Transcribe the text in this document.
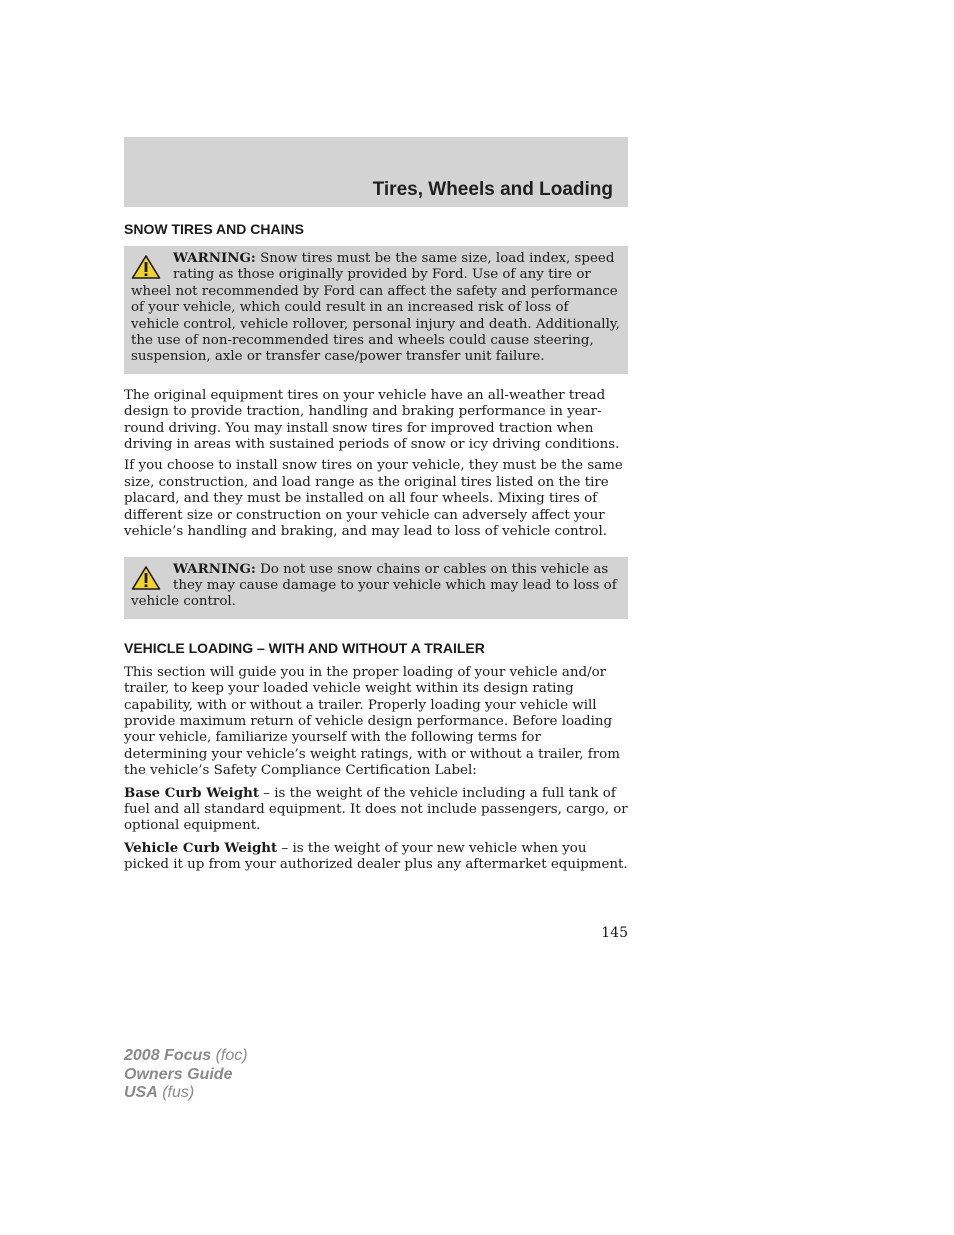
Tires, Wheels and Loading
SNOW TIRES AND CHAINS

WARNING: Snow tires must be the same size, load index, speed rating as those originally provided by Ford. Use of any tire or wheel not recommended by Ford can affect the safety and performance of your vehicle, which could result in an increased risk of loss of vehicle control, vehicle rollover, personal injury and death. Additionally, the use of non-recommended tires and wheels could cause steering, suspension, axle or transfer case/power transfer unit failure.

The original equipment tires on your vehicle have an all-weather tread design to provide traction, handling and braking performance in year-round driving. You may install snow tires for improved traction when driving in areas with sustained periods of snow or icy driving conditions.

If you choose to install snow tires on your vehicle, they must be the same size, construction, and load range as the original tires listed on the tire placard, and they must be installed on all four wheels. Mixing tires of different size or construction on your vehicle can adversely affect your vehicle’s handling and braking, and may lead to loss of vehicle control.

WARNING: Do not use snow chains or cables on this vehicle as they may cause damage to your vehicle which may lead to loss of vehicle control.

VEHICLE LOADING – WITH AND WITHOUT A TRAILER

This section will guide you in the proper loading of your vehicle and/or trailer, to keep your loaded vehicle weight within its design rating capability, with or without a trailer. Properly loading your vehicle will provide maximum return of vehicle design performance. Before loading your vehicle, familiarize yourself with the following terms for determining your vehicle’s weight ratings, with or without a trailer, from the vehicle’s Safety Compliance Certification Label:

Base Curb Weight – is the weight of the vehicle including a full tank of fuel and all standard equipment. It does not include passengers, cargo, or optional equipment.

Vehicle Curb Weight – is the weight of your new vehicle when you picked it up from your authorized dealer plus any aftermarket equipment.

145
2008 Focus (foc)
Owners Guide
USA (fus)
